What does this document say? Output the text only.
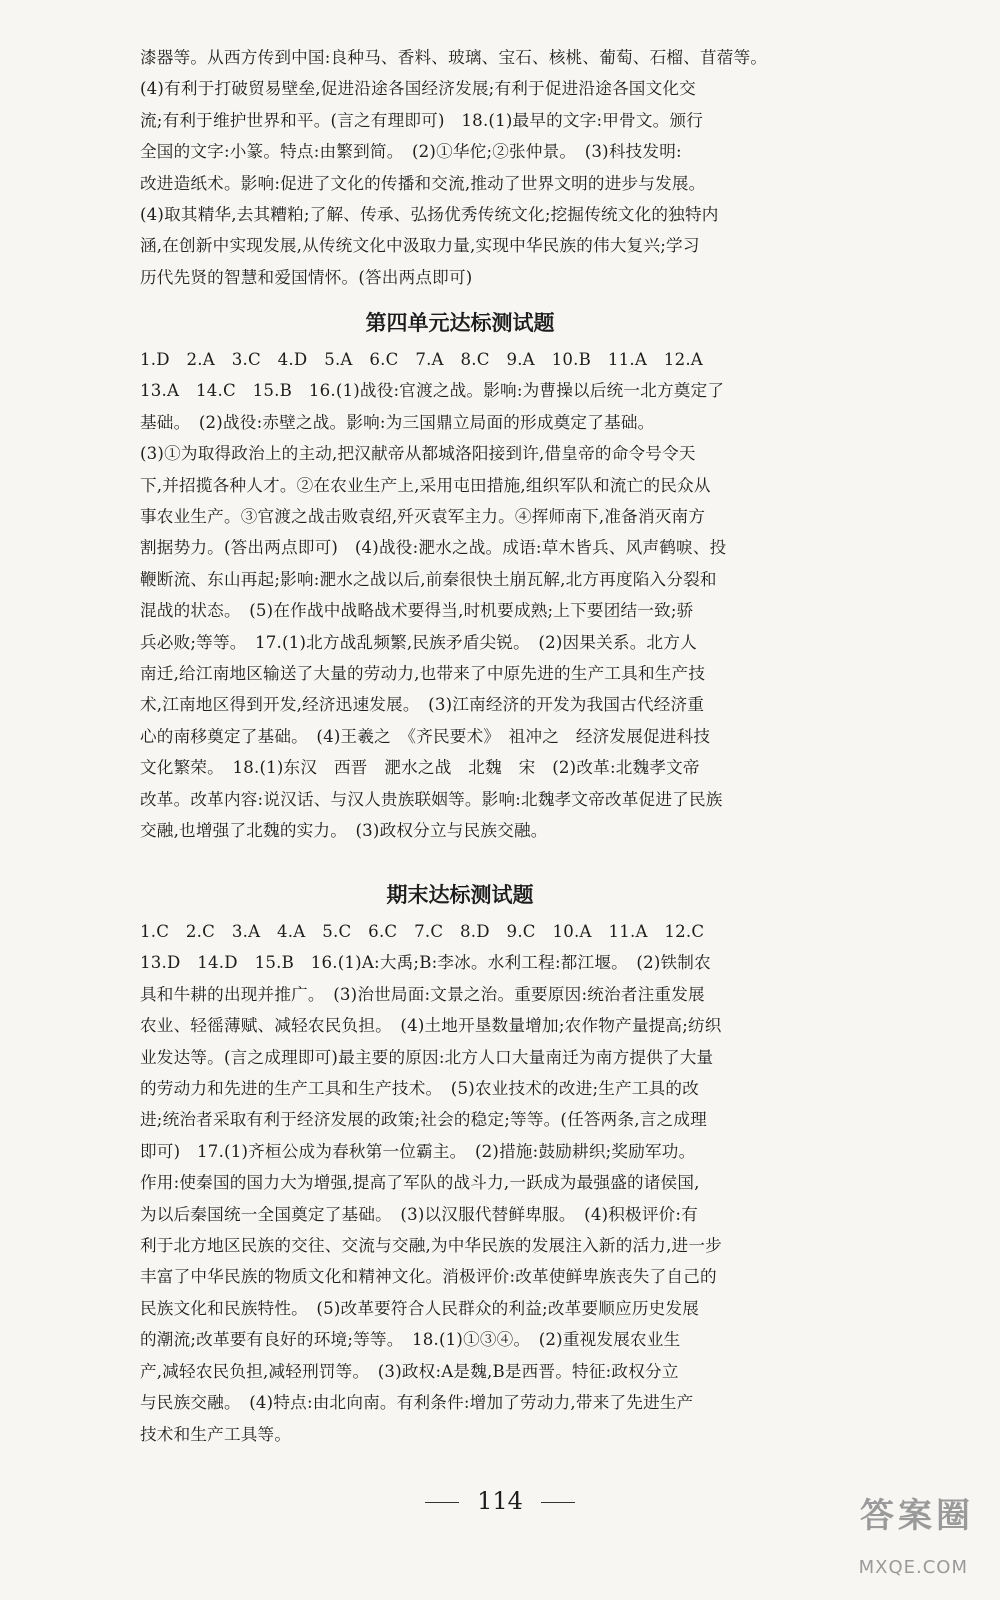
漆器等。从西方传到中国:良种马、香料、玻璃、宝石、核桃、葡萄、石榴、苜蓿等。
(4)有利于打破贸易壁垒,促进沿途各国经济发展;有利于促进沿途各国文化交
流;有利于维护世界和平。(言之有理即可)　18.(1)最早的文字:甲骨文。颁行
全国的文字:小篆。特点:由繁到简。　(2)①华佗;②张仲景。　(3)科技发明:
改进造纸术。影响:促进了文化的传播和交流,推动了世界文明的进步与发展。
(4)取其精华,去其糟粕;了解、传承、弘扬优秀传统文化;挖掘传统文化的独特内
涵,在创新中实现发展,从传统文化中汲取力量,实现中华民族的伟大复兴;学习
历代先贤的智慧和爱国情怀。(答出两点即可)
第四单元达标测试题
1.D　2.A　3.C　4.D　5.A　6.C　7.A　8.C　9.A　10.B　11.A　12.A
13.A　14.C　15.B　16.(1)战役:官渡之战。影响:为曹操以后统一北方奠定了
基础。　(2)战役:赤壁之战。影响:为三国鼎立局面的形成奠定了基础。
(3)①为取得政治上的主动,把汉献帝从都城洛阳接到许,借皇帝的命令号令天
下,并招揽各种人才。②在农业生产上,采用屯田措施,组织军队和流亡的民众从
事农业生产。③官渡之战击败袁绍,歼灭袁军主力。④挥师南下,准备消灭南方
割据势力。(答出两点即可)　(4)战役:淝水之战。成语:草木皆兵、风声鹤唳、投
鞭断流、东山再起;影响:淝水之战以后,前秦很快土崩瓦解,北方再度陷入分裂和
混战的状态。　(5)在作战中战略战术要得当,时机要成熟;上下要团结一致;骄
兵必败;等等。　17.(1)北方战乱频繁,民族矛盾尖锐。　(2)因果关系。北方人
南迁,给江南地区输送了大量的劳动力,也带来了中原先进的生产工具和生产技
术,江南地区得到开发,经济迅速发展。　(3)江南经济的开发为我国古代经济重
心的南移奠定了基础。　(4)王羲之　《齐民要术》　祖冲之　经济发展促进科技
文化繁荣。　18.(1)东汉　西晋　淝水之战　北魏　宋　(2)改革:北魏孝文帝
改革。改革内容:说汉话、与汉人贵族联姻等。影响:北魏孝文帝改革促进了民族
交融,也增强了北魏的实力。　(3)政权分立与民族交融。
期末达标测试题
1.C　2.C　3.A　4.A　5.C　6.C　7.C　8.D　9.C　10.A　11.A　12.C
13.D　14.D　15.B　16.(1)A:大禹;B:李冰。水利工程:都江堰。　(2)铁制农
具和牛耕的出现并推广。　(3)治世局面:文景之治。重要原因:统治者注重发展
农业、轻徭薄赋、减轻农民负担。　(4)土地开垦数量增加;农作物产量提高;纺织
业发达等。(言之成理即可)最主要的原因:北方人口大量南迁为南方提供了大量
的劳动力和先进的生产工具和生产技术。　(5)农业技术的改进;生产工具的改
进;统治者采取有利于经济发展的政策;社会的稳定;等等。(任答两条,言之成理
即可)　17.(1)齐桓公成为春秋第一位霸主。　(2)措施:鼓励耕织;奖励军功。
作用:使秦国的国力大为增强,提高了军队的战斗力,一跃成为最强盛的诸侯国,
为以后秦国统一全国奠定了基础。　(3)以汉服代替鲜卑服。　(4)积极评价:有
利于北方地区民族的交往、交流与交融,为中华民族的发展注入新的活力,进一步
丰富了中华民族的物质文化和精神文化。消极评价:改革使鲜卑族丧失了自己的
民族文化和民族特性。　(5)改革要符合人民群众的利益;改革要顺应历史发展
的潮流;改革要有良好的环境;等等。　18.(1)①③④。　(2)重视发展农业生
产,减轻农民负担,减轻刑罚等。　(3)政权:A是魏,B是西晋。特征:政权分立
与民族交融。　(4)特点:由北向南。有利条件:增加了劳动力,带来了先进生产
技术和生产工具等。
114	答案圈
MXQE.COM
